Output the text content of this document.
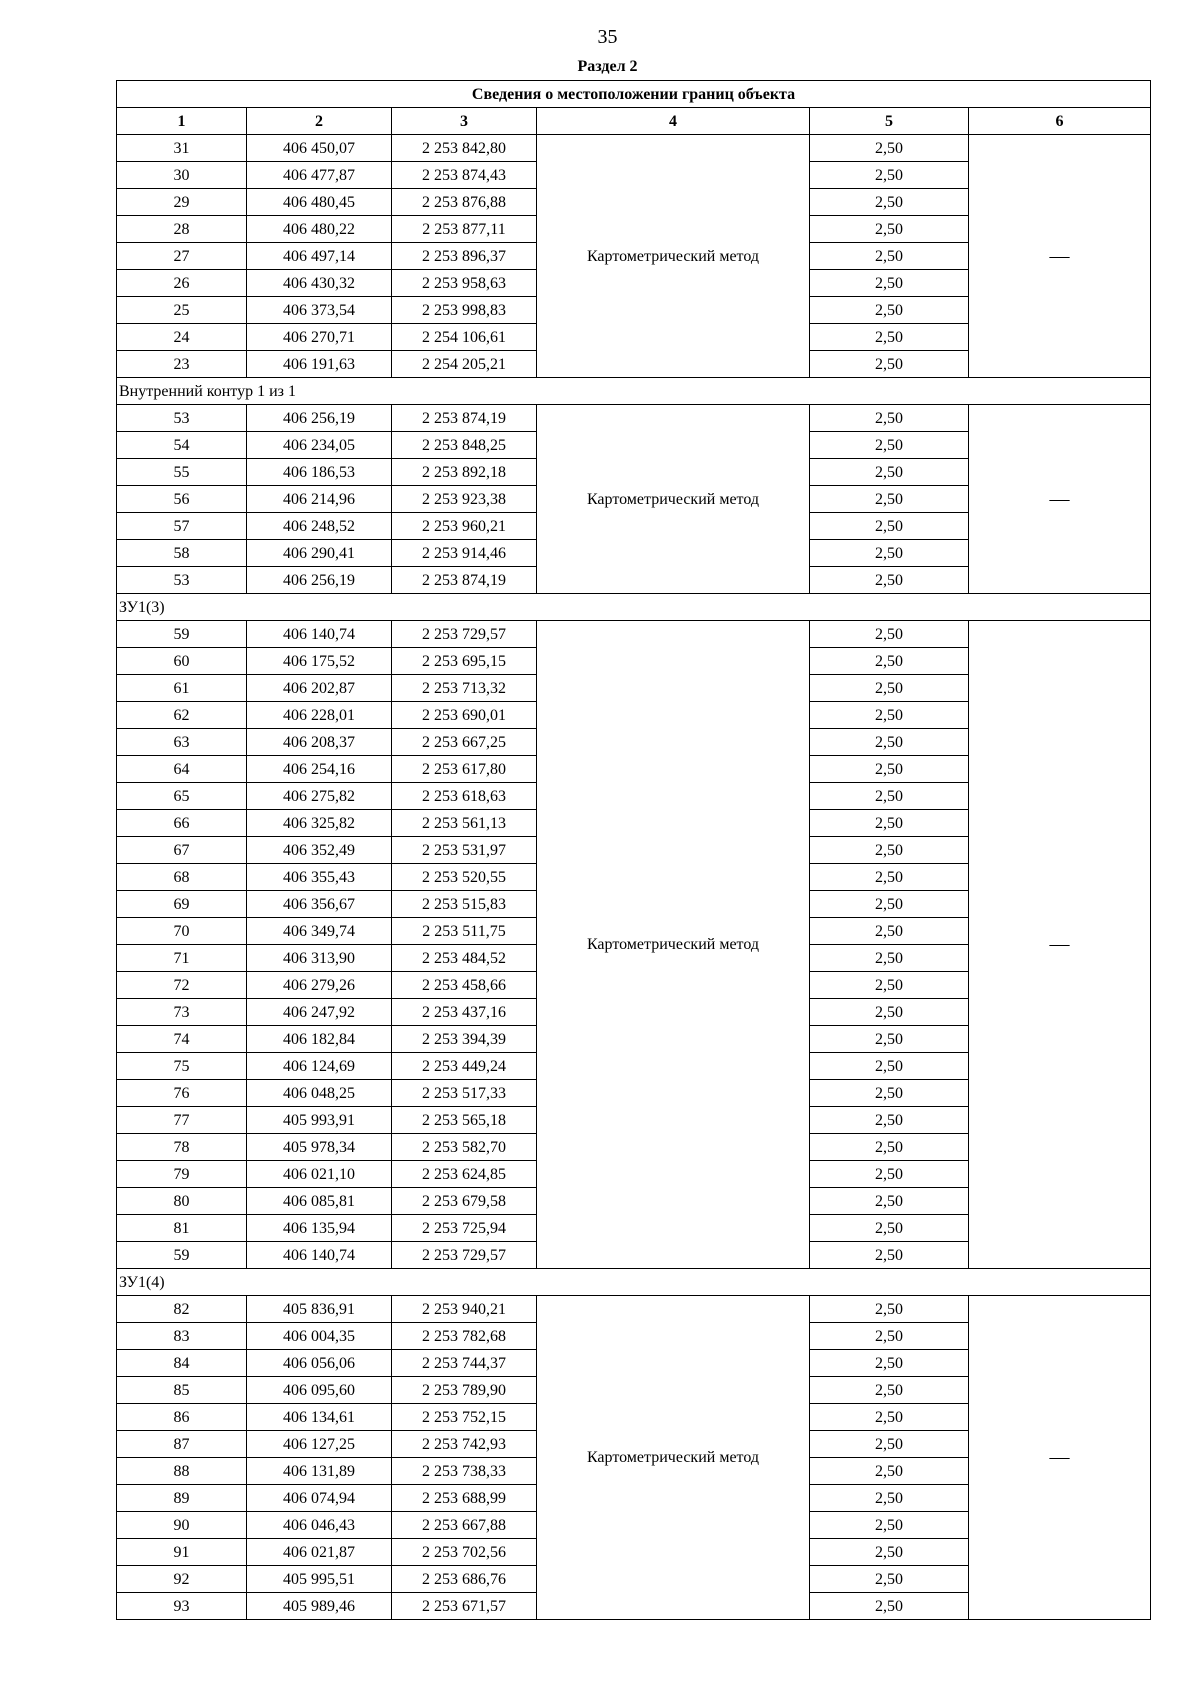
35
Раздел 2
Сведения о местоположении границ объекта					
1	2	3	4	5	6
31	406 450,07	2 253 842,80	Картометрический метод	2,50	—
30	406 477,87	2 253 874,43		2,50	
29	406 480,45	2 253 876,88		2,50	
28	406 480,22	2 253 877,11		2,50	
27	406 497,14	2 253 896,37		2,50	
26	406 430,32	2 253 958,63		2,50	
25	406 373,54	2 253 998,83		2,50	
24	406 270,71	2 254 106,61		2,50	
23	406 191,63	2 254 205,21		2,50	
Внутренний контур 1 из 1					
53	406 256,19	2 253 874,19	Картометрический метод	2,50	—
54	406 234,05	2 253 848,25		2,50	
55	406 186,53	2 253 892,18		2,50	
56	406 214,96	2 253 923,38		2,50	
57	406 248,52	2 253 960,21		2,50	
58	406 290,41	2 253 914,46		2,50	
53	406 256,19	2 253 874,19		2,50	
ЗУ1(3)					
59	406 140,74	2 253 729,57	Картометрический метод	2,50	—
60	406 175,52	2 253 695,15		2,50	
61	406 202,87	2 253 713,32		2,50	
62	406 228,01	2 253 690,01		2,50	
63	406 208,37	2 253 667,25		2,50	
64	406 254,16	2 253 617,80		2,50	
65	406 275,82	2 253 618,63		2,50	
66	406 325,82	2 253 561,13		2,50	
67	406 352,49	2 253 531,97		2,50	
68	406 355,43	2 253 520,55		2,50	
69	406 356,67	2 253 515,83		2,50	
70	406 349,74	2 253 511,75		2,50	
71	406 313,90	2 253 484,52		2,50	
72	406 279,26	2 253 458,66		2,50	
73	406 247,92	2 253 437,16		2,50	
74	406 182,84	2 253 394,39		2,50	
75	406 124,69	2 253 449,24		2,50	
76	406 048,25	2 253 517,33		2,50	
77	405 993,91	2 253 565,18		2,50	
78	405 978,34	2 253 582,70		2,50	
79	406 021,10	2 253 624,85		2,50	
80	406 085,81	2 253 679,58		2,50	
81	406 135,94	2 253 725,94		2,50	
59	406 140,74	2 253 729,57		2,50	
ЗУ1(4)					
82	405 836,91	2 253 940,21	Картометрический метод	2,50	—
83	406 004,35	2 253 782,68		2,50	
84	406 056,06	2 253 744,37		2,50	
85	406 095,60	2 253 789,90		2,50	
86	406 134,61	2 253 752,15		2,50	
87	406 127,25	2 253 742,93		2,50	
88	406 131,89	2 253 738,33		2,50	
89	406 074,94	2 253 688,99		2,50	
90	406 046,43	2 253 667,88		2,50	
91	406 021,87	2 253 702,56		2,50	
92	405 995,51	2 253 686,76		2,50	
93	405 989,46	2 253 671,57		2,50	
